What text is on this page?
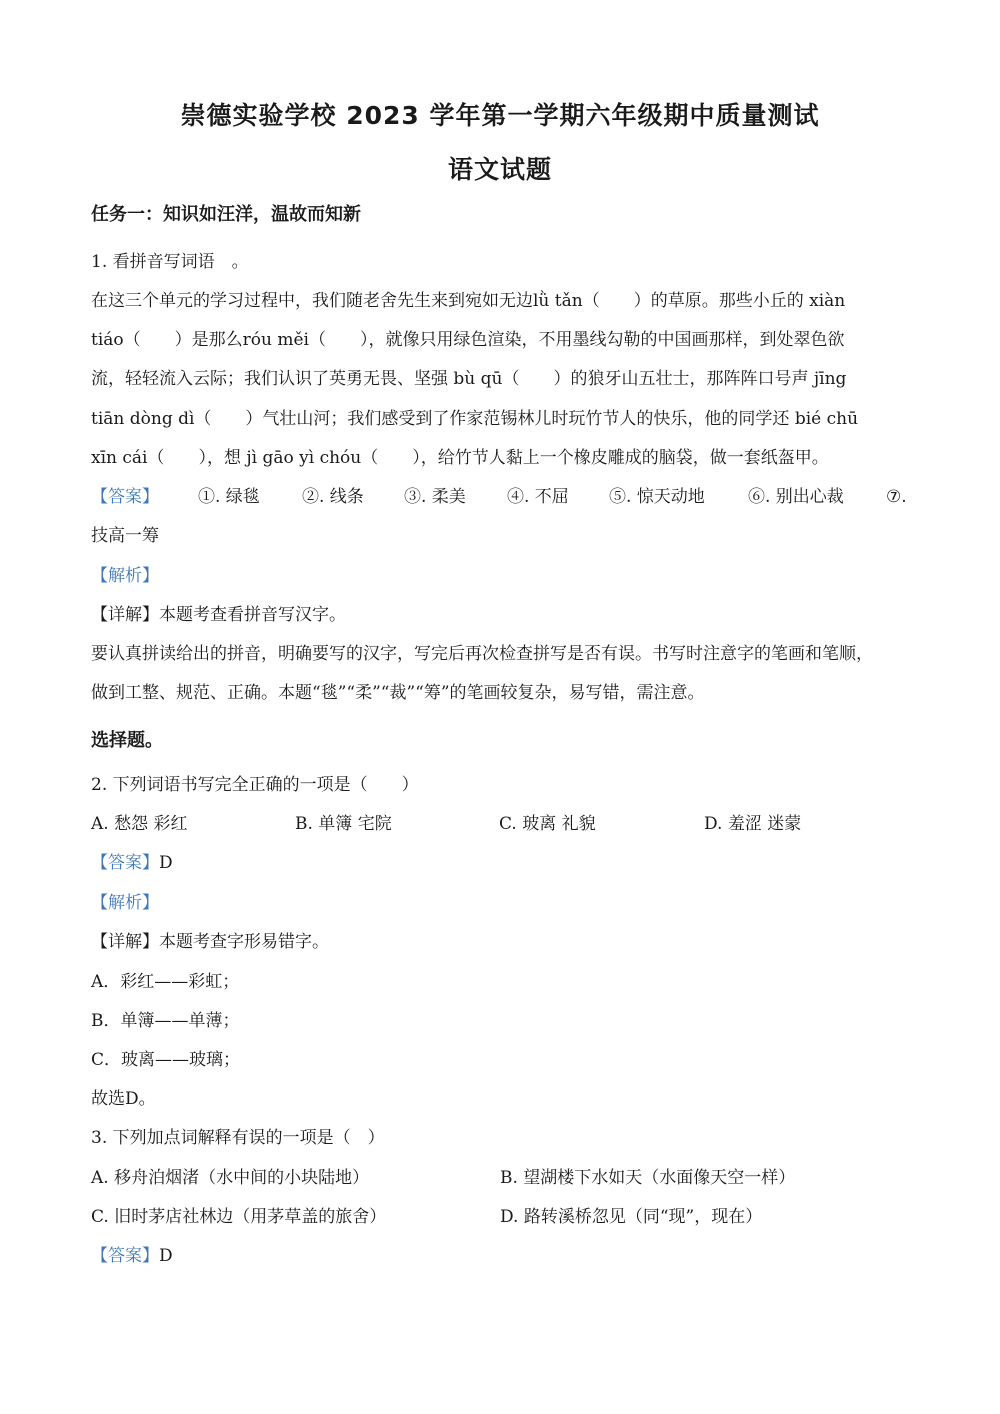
崇德实验学校 2023 学年第一学期六年级期中质量测试
语文试题
任务一：知识如汪洋，温故而知新
1. 看拼音写词语　。
在这三个单元的学习过程中，我们随老舍先生来到宛如无边lǜ tǎn（　　）的草原。那些小丘的 xiàn
tiáo（　　）是那么róu měi（　　），就像只用绿色渲染，不用墨线勾勒的中国画那样，到处翠色欲
流，轻轻流入云际；我们认识了英勇无畏、坚强 bù qū（　　）的狼牙山五壮士，那阵阵口号声 jīng
tiān dòng dì（　　）气壮山河；我们感受到了作家范锡林儿时玩竹节人的快乐，他的同学还 bié chū
xīn cái（　　），想 jì gāo yì chóu（　　），给竹节人黏上一个橡皮雕成的脑袋，做一套纸盔甲。
【答案】 ①. 绿毯 ②. 线条 ③. 柔美 ④. 不屈 ⑤. 惊天动地	⑥. 别出心裁 ⑦.
技高一筹
【解析】
【详解】本题考查看拼音写汉字。
要认真拼读给出的拼音，明确要写的汉字，写完后再次检查拼写是否有误。书写时注意字的笔画和笔顺，
做到工整、规范、正确。本题“毯”“柔”“裁”“筹”的笔画较复杂，易写错，需注意。
选择题。
2. 下列词语书写完全正确的一项是（　　）
A. 愁怨 彩红	B. 单簿 宅院	C. 玻离 礼貌	D. 羞涩 迷蒙
【答案】D
【解析】
【详解】本题考查字形易错字。
A．彩红——彩虹；
B．单簿——单薄；
C．玻离——玻璃；
故选D。
3. 下列加点词解释有误的一项是（　）
A. 移舟泊烟渚（水中间的小块陆地）	B. 望湖楼下水如天（水面像天空一样）
C. 旧时茅店社林边（用茅草盖的旅舍）	D. 路转溪桥忽见（同“现”，现在）
【答案】D
